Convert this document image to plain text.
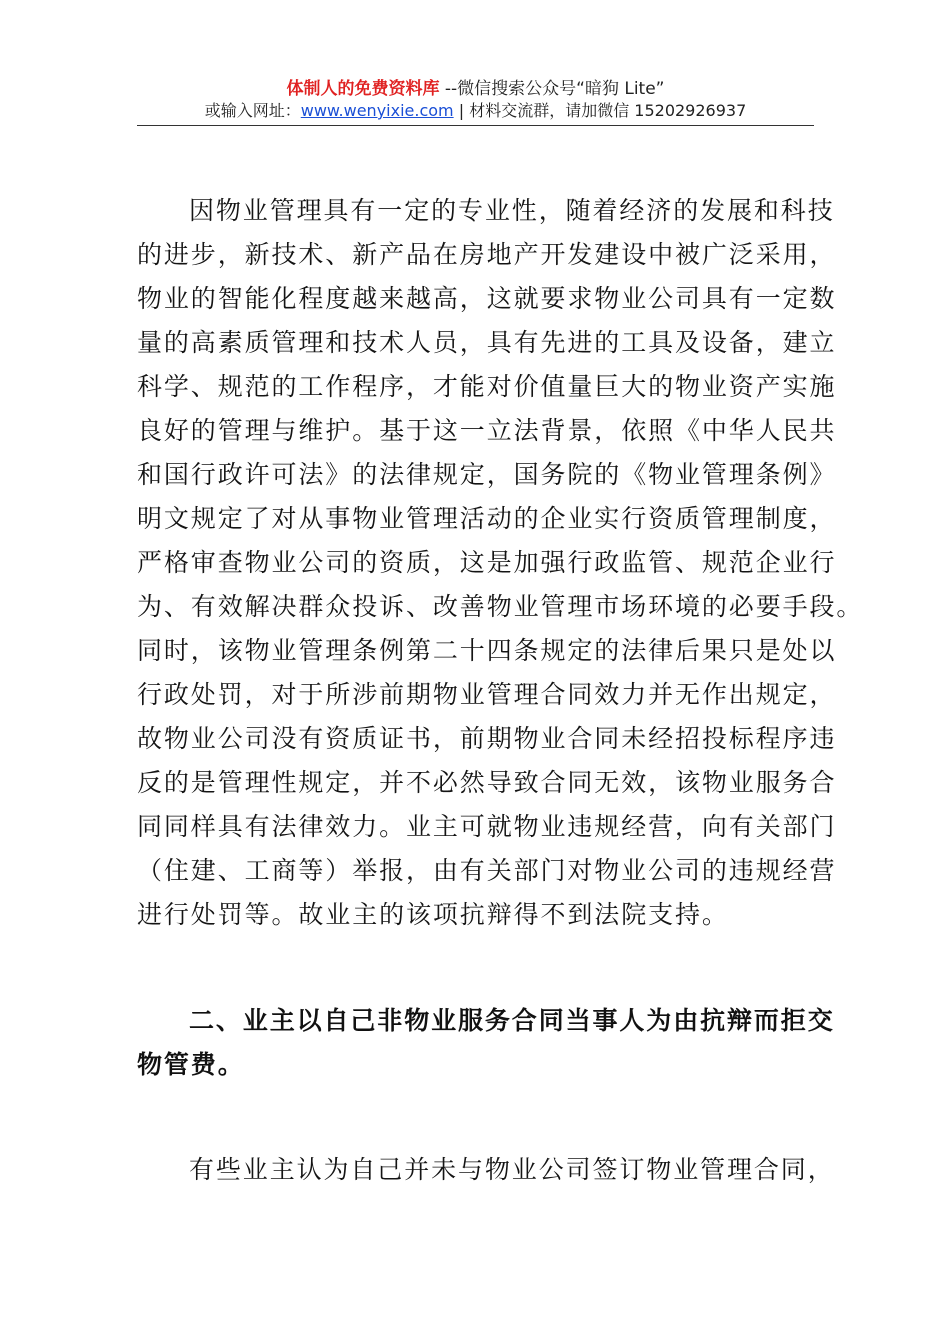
体制人的免费资料库 --微信搜索公众号“暗狗 Lite”
或输入网址：www.wenyixie.com | 材料交流群，请加微信 15202926937
因物业管理具有一定的专业性，随着经济的发展和科技
的进步，新技术、新产品在房地产开发建设中被广泛采用，
物业的智能化程度越来越高，这就要求物业公司具有一定数
量的高素质管理和技术人员，具有先进的工具及设备，建立
科学、规范的工作程序，才能对价值量巨大的物业资产实施
良好的管理与维护。基于这一立法背景，依照《中华人民共
和国行政许可法》的法律规定，国务院的《物业管理条例》
明文规定了对从事物业管理活动的企业实行资质管理制度，
严格审查物业公司的资质，这是加强行政监管、规范企业行
为、有效解决群众投诉、改善物业管理市场环境的必要手段。
同时，该物业管理条例第二十四条规定的法律后果只是处以
行政处罚，对于所涉前期物业管理合同效力并无作出规定，
故物业公司没有资质证书，前期物业合同未经招投标程序违
反的是管理性规定，并不必然导致合同无效，该物业服务合
同同样具有法律效力。业主可就物业违规经营，向有关部门
（住建、工商等）举报，由有关部门对物业公司的违规经营
进行处罚等。故业主的该项抗辩得不到法院支持。
二、业主以自己非物业服务合同当事人为由抗辩而拒交
物管费。
有些业主认为自己并未与物业公司签订物业管理合同，
